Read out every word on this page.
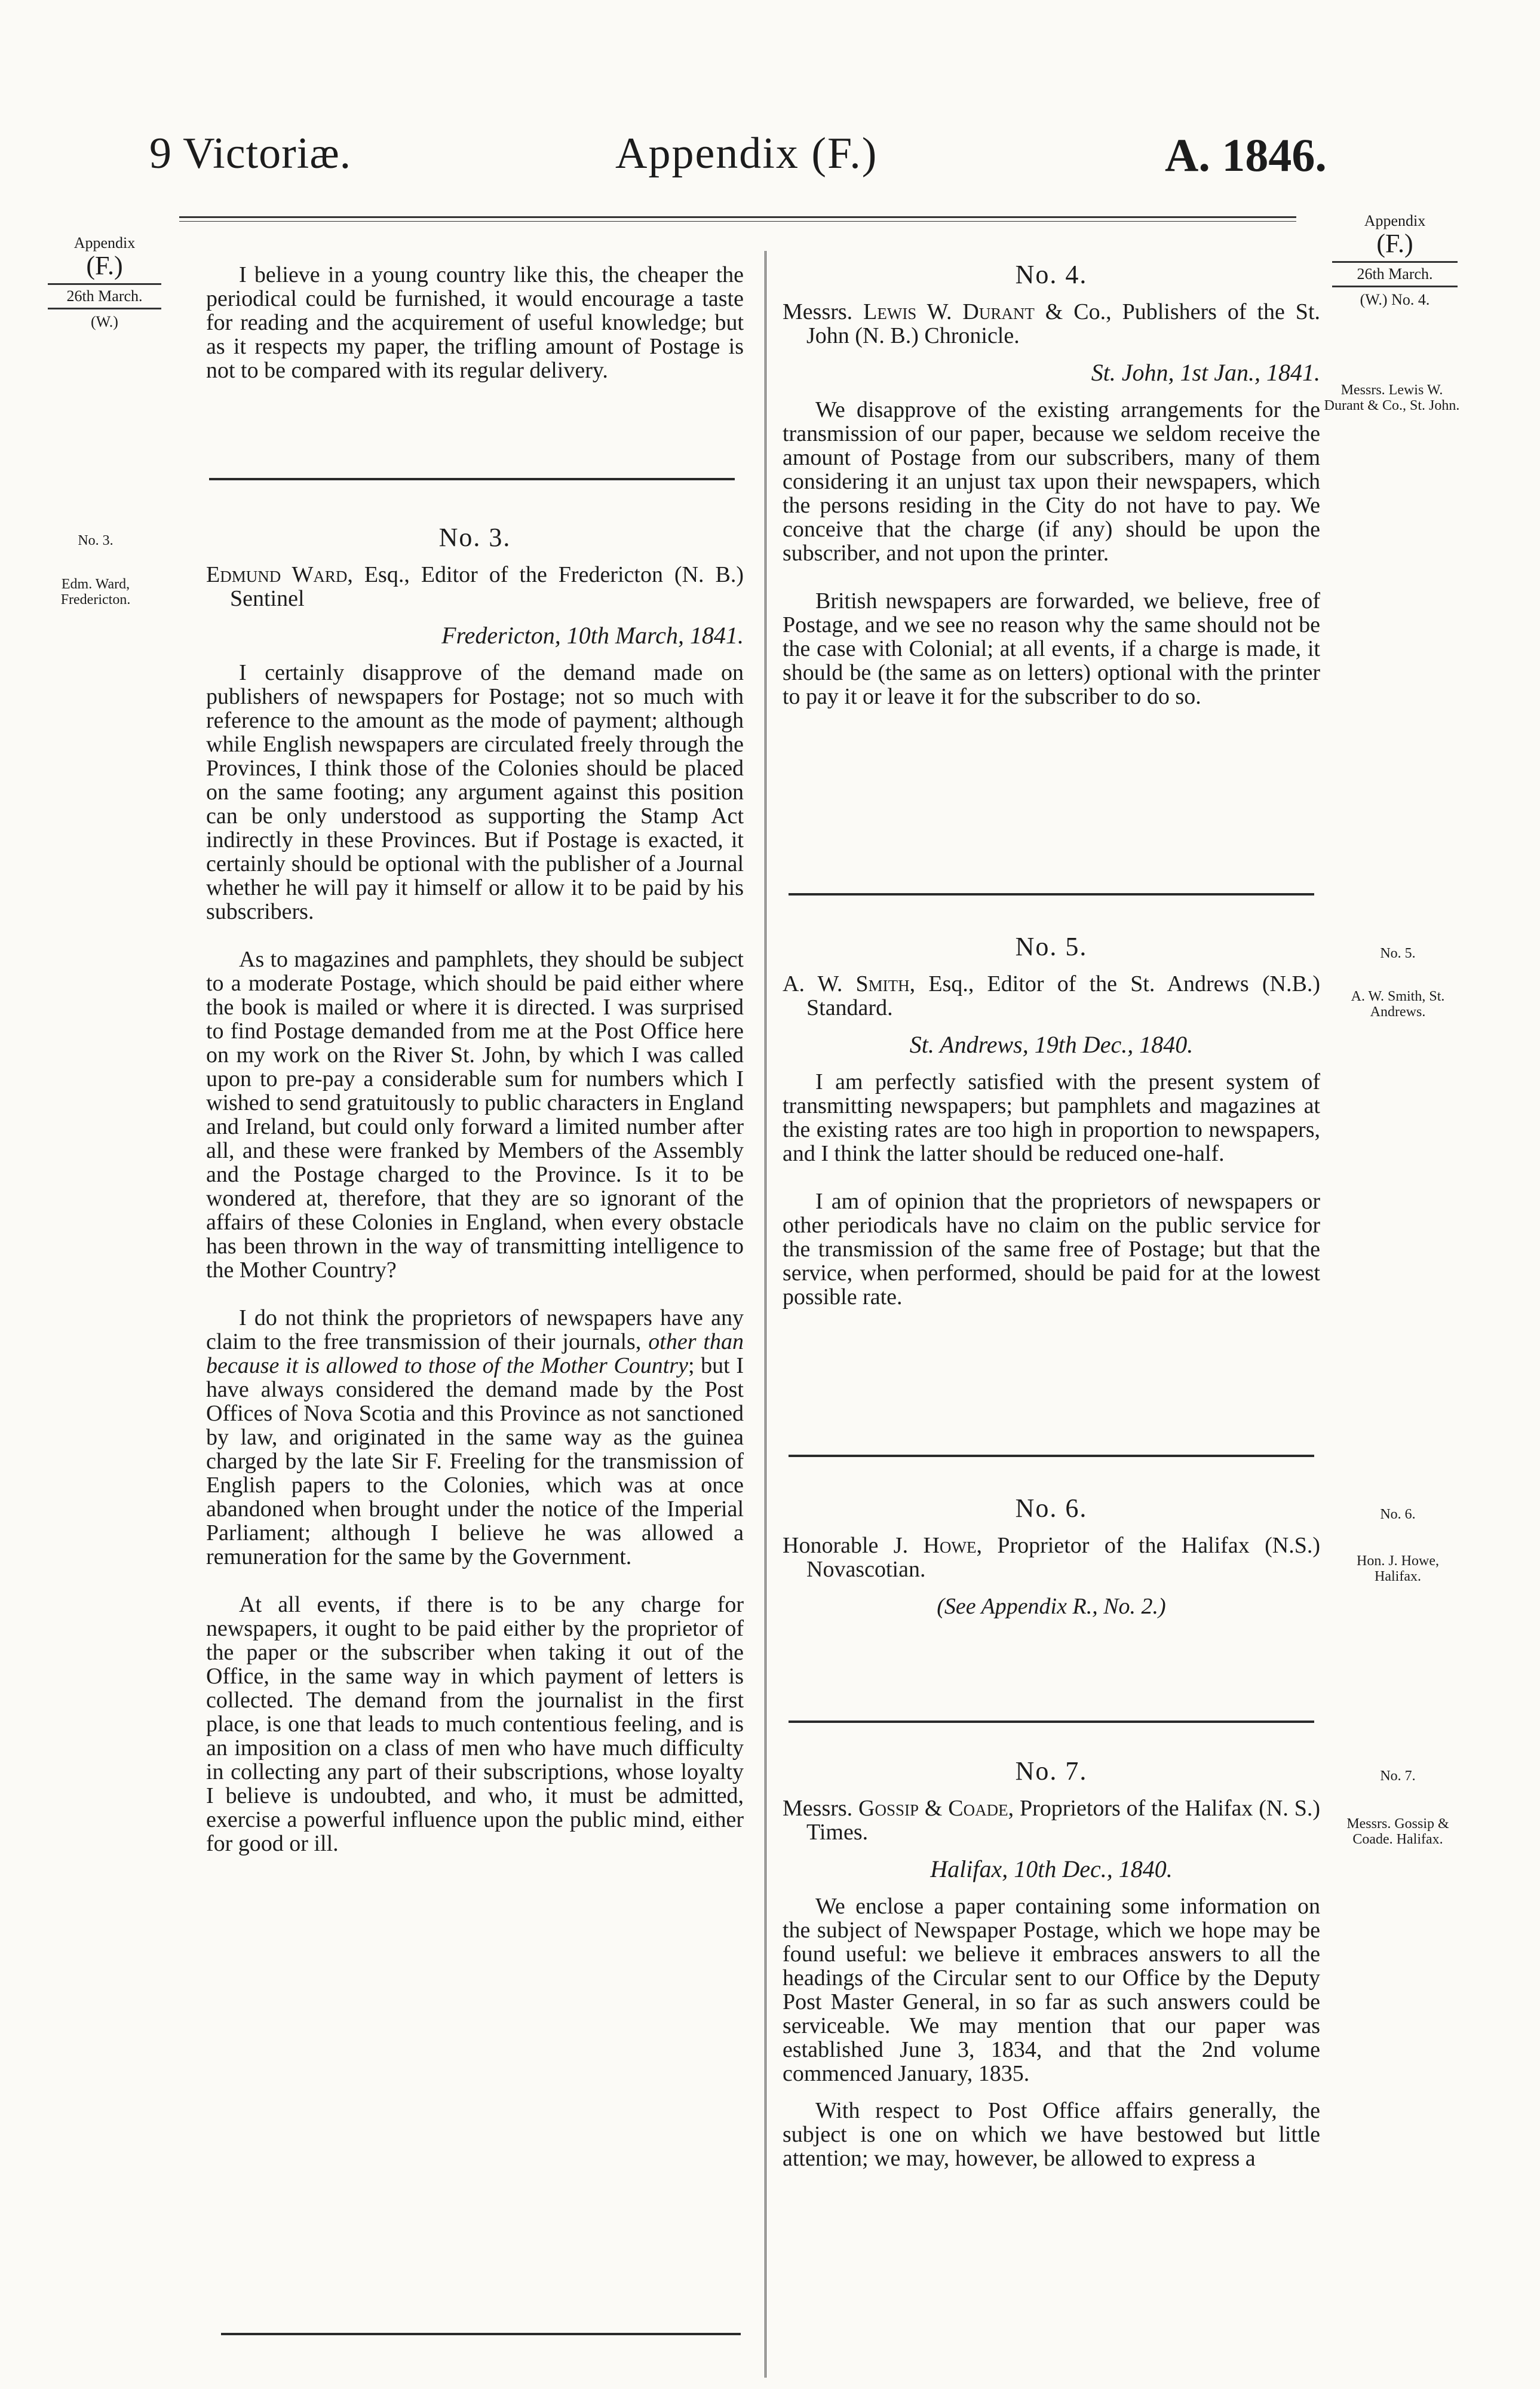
9 Victoriæ.	Appendix (F.)	A. 1846.
Appendix
(F.)
26th March.
(W.)
No. 3.
Edm. Ward, Fredericton.
Appendix
(F.)
26th March.
(W.) No. 4.
Messrs. Lewis W. Durant & Co., St. John.
No. 5.
A. W. Smith, St. Andrews.
No. 6.
Hon. J. Howe, Halifax.
No. 7.
Messrs. Gossip & Coade. Halifax.

I believe in a young country like this, the cheaper the periodical could be furnished, it would encourage a taste for reading and the acquirement of useful knowledge; but as it respects my paper, the trifling amount of Postage is not to be compared with its regular delivery.

No. 3.

Edmund Ward, Esq., Editor of the Fredericton (N. B.) Sentinel

Fredericton, 10th March, 1841.

I certainly disapprove of the demand made on publishers of newspapers for Postage; not so much with reference to the amount as the mode of payment; although while English newspapers are circulated freely through the Provinces, I think those of the Colonies should be placed on the same footing; any argument against this position can be only understood as supporting the Stamp Act indirectly in these Provinces. But if Postage is exacted, it certainly should be optional with the publisher of a Journal whether he will pay it himself or allow it to be paid by his subscribers.

As to magazines and pamphlets, they should be subject to a moderate Postage, which should be paid either where the book is mailed or where it is directed. I was surprised to find Postage demanded from me at the Post Office here on my work on the River St. John, by which I was called upon to pre-pay a considerable sum for numbers which I wished to send gratuitously to public characters in England and Ireland, but could only forward a limited number after all, and these were franked by Members of the Assembly and the Postage charged to the Province. Is it to be wondered at, therefore, that they are so ignorant of the affairs of these Colonies in England, when every obstacle has been thrown in the way of transmitting intelligence to the Mother Country?

I do not think the proprietors of newspapers have any claim to the free transmission of their journals, other than because it is allowed to those of the Mother Country; but I have always considered the demand made by the Post Offices of Nova Scotia and this Province as not sanctioned by law, and originated in the same way as the guinea charged by the late Sir F. Freeling for the transmission of English papers to the Colonies, which was at once abandoned when brought under the notice of the Imperial Parliament; although I believe he was allowed a remuneration for the same by the Government.

At all events, if there is to be any charge for newspapers, it ought to be paid either by the proprietor of the paper or the subscriber when taking it out of the Office, in the same way in which payment of letters is collected. The demand from the journalist in the first place, is one that leads to much contentious feeling, and is an imposition on a class of men who have much difficulty in collecting any part of their subscriptions, whose loyalty I believe is undoubted, and who, it must be admitted, exercise a powerful influence upon the public mind, either for good or ill.

No. 4.

Messrs. Lewis W. Durant & Co., Publishers of the St. John (N. B.) Chronicle.

St. John, 1st Jan., 1841.

We disapprove of the existing arrangements for the transmission of our paper, because we seldom receive the amount of Postage from our subscribers, many of them considering it an unjust tax upon their newspapers, which the persons residing in the City do not have to pay. We conceive that the charge (if any) should be upon the subscriber, and not upon the printer.

British newspapers are forwarded, we believe, free of Postage, and we see no reason why the same should not be the case with Colonial; at all events, if a charge is made, it should be (the same as on letters) optional with the printer to pay it or leave it for the subscriber to do so.

No. 5.

A. W. Smith, Esq., Editor of the St. Andrews (N.B.) Standard.

St. Andrews, 19th Dec., 1840.

I am perfectly satisfied with the present system of transmitting newspapers; but pamphlets and magazines at the existing rates are too high in proportion to newspapers, and I think the latter should be reduced one-half.

I am of opinion that the proprietors of newspapers or other periodicals have no claim on the public service for the transmission of the same free of Postage; but that the service, when performed, should be paid for at the lowest possible rate.

No. 6.

Honorable J. Howe, Proprietor of the Halifax (N.S.) Novascotian.

(See Appendix R., No. 2.)
No. 7.

Messrs. Gossip & Coade, Proprietors of the Halifax (N. S.) Times.

Halifax, 10th Dec., 1840.

We enclose a paper containing some information on the subject of Newspaper Postage, which we hope may be found useful: we believe it embraces answers to all the headings of the Circular sent to our Office by the Deputy Post Master General, in so far as such answers could be serviceable. We may mention that our paper was established June 3, 1834, and that the 2nd volume commenced January, 1835.

With respect to Post Office affairs generally, the subject is one on which we have bestowed but little attention; we may, however, be allowed to express a
